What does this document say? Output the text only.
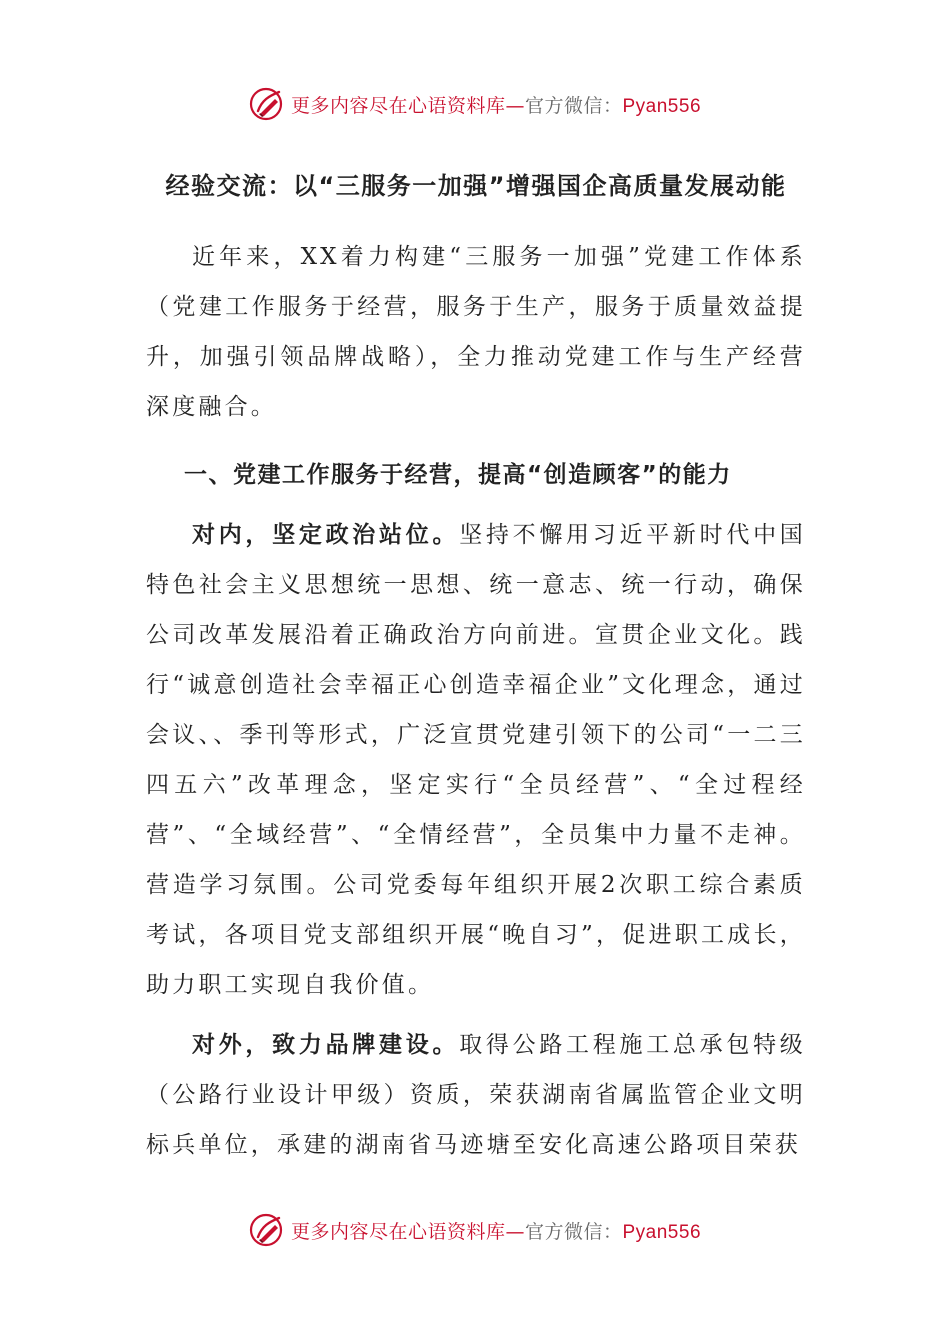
更多内容尽在心语资料库—官方微信：Pyan556
经验交流：以“三服务一加强”增强国企高质量发展动能

近年来，XX着力构建“三服务一加强”党建工作体系（党建工作服务于经营，服务于生产，服务于质量效益提升，加强引领品牌战略），全力推动党建工作与生产经营深度融合。

一、党建工作服务于经营，提高“创造顾客”的能力

对内，坚定政治站位。坚持不懈用习近平新时代中国特色社会主义思想统一思想、统一意志、统一行动，确保公司改革发展沿着正确政治方向前进。宣贯企业文化。践行“诚意创造社会幸福正心创造幸福企业”文化理念，通过会议、、季刊等形式，广泛宣贯党建引领下的公司“一二三四五六”改革理念，坚定实行“全员经营”、“全过程经营”、“全域经营”、“全情经营”，全员集中力量不走神。营造学习氛围。公司党委每年组织开展2次职工综合素质考试，各项目党支部组织开展“晚自习”，促进职工成长，助力职工实现自我价值。

对外，致力品牌建设。取得公路工程施工总承包特级（公路行业设计甲级）资质，荣获湖南省属监管企业文明标兵单位，承建的湖南省马迹塘至安化高速公路项目荣获

更多内容尽在心语资料库—官方微信：Pyan556
